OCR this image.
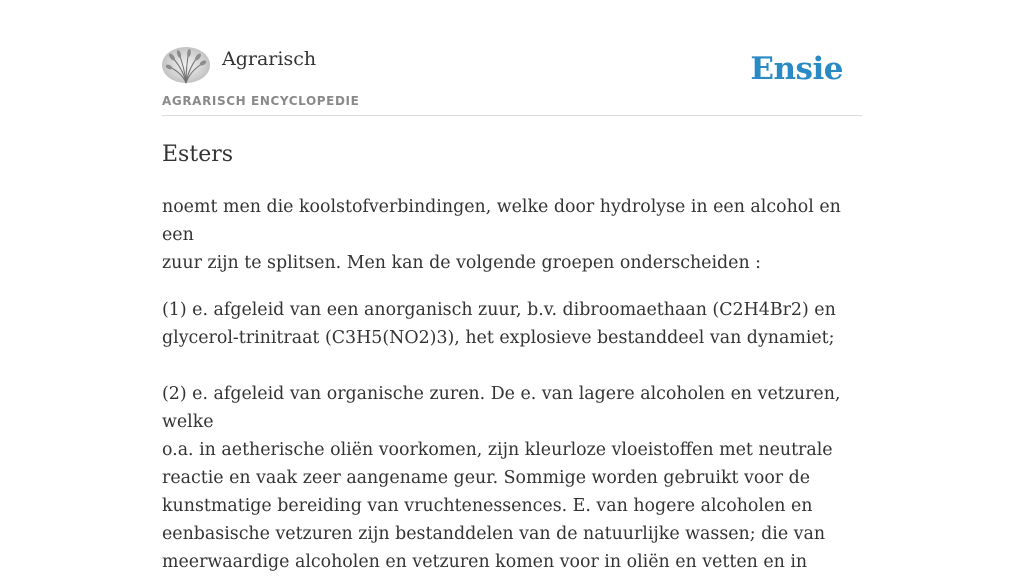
Agrarisch	Ensie
AGRARISCH ENCYCLOPEDIE
Esters

noemt men die koolstofverbindingen, welke door hydrolyse in een alcohol en een
zuur zijn te splitsen. Men kan de volgende groepen onderscheiden :

(1) e. afgeleid van een anorganisch zuur, b.v. dibroomaethaan (C2H4Br2) en
glycerol-trinitraat (C3H5(NO2)3), het explosieve bestanddeel van dynamiet;

(2) e. afgeleid van organische zuren. De e. van lagere alcoholen en vetzuren, welke
o.a. in aetherische oliën voorkomen, zijn kleurloze vloeistoffen met neutrale
reactie en vaak zeer aangename geur. Sommige worden gebruikt voor de
kunstmatige bereiding van vruchtenessences. E. van hogere alcoholen en
eenbasische vetzuren zijn bestanddelen van de natuurlijke wassen; die van
meerwaardige alcoholen en vetzuren komen voor in oliën en vetten en in
